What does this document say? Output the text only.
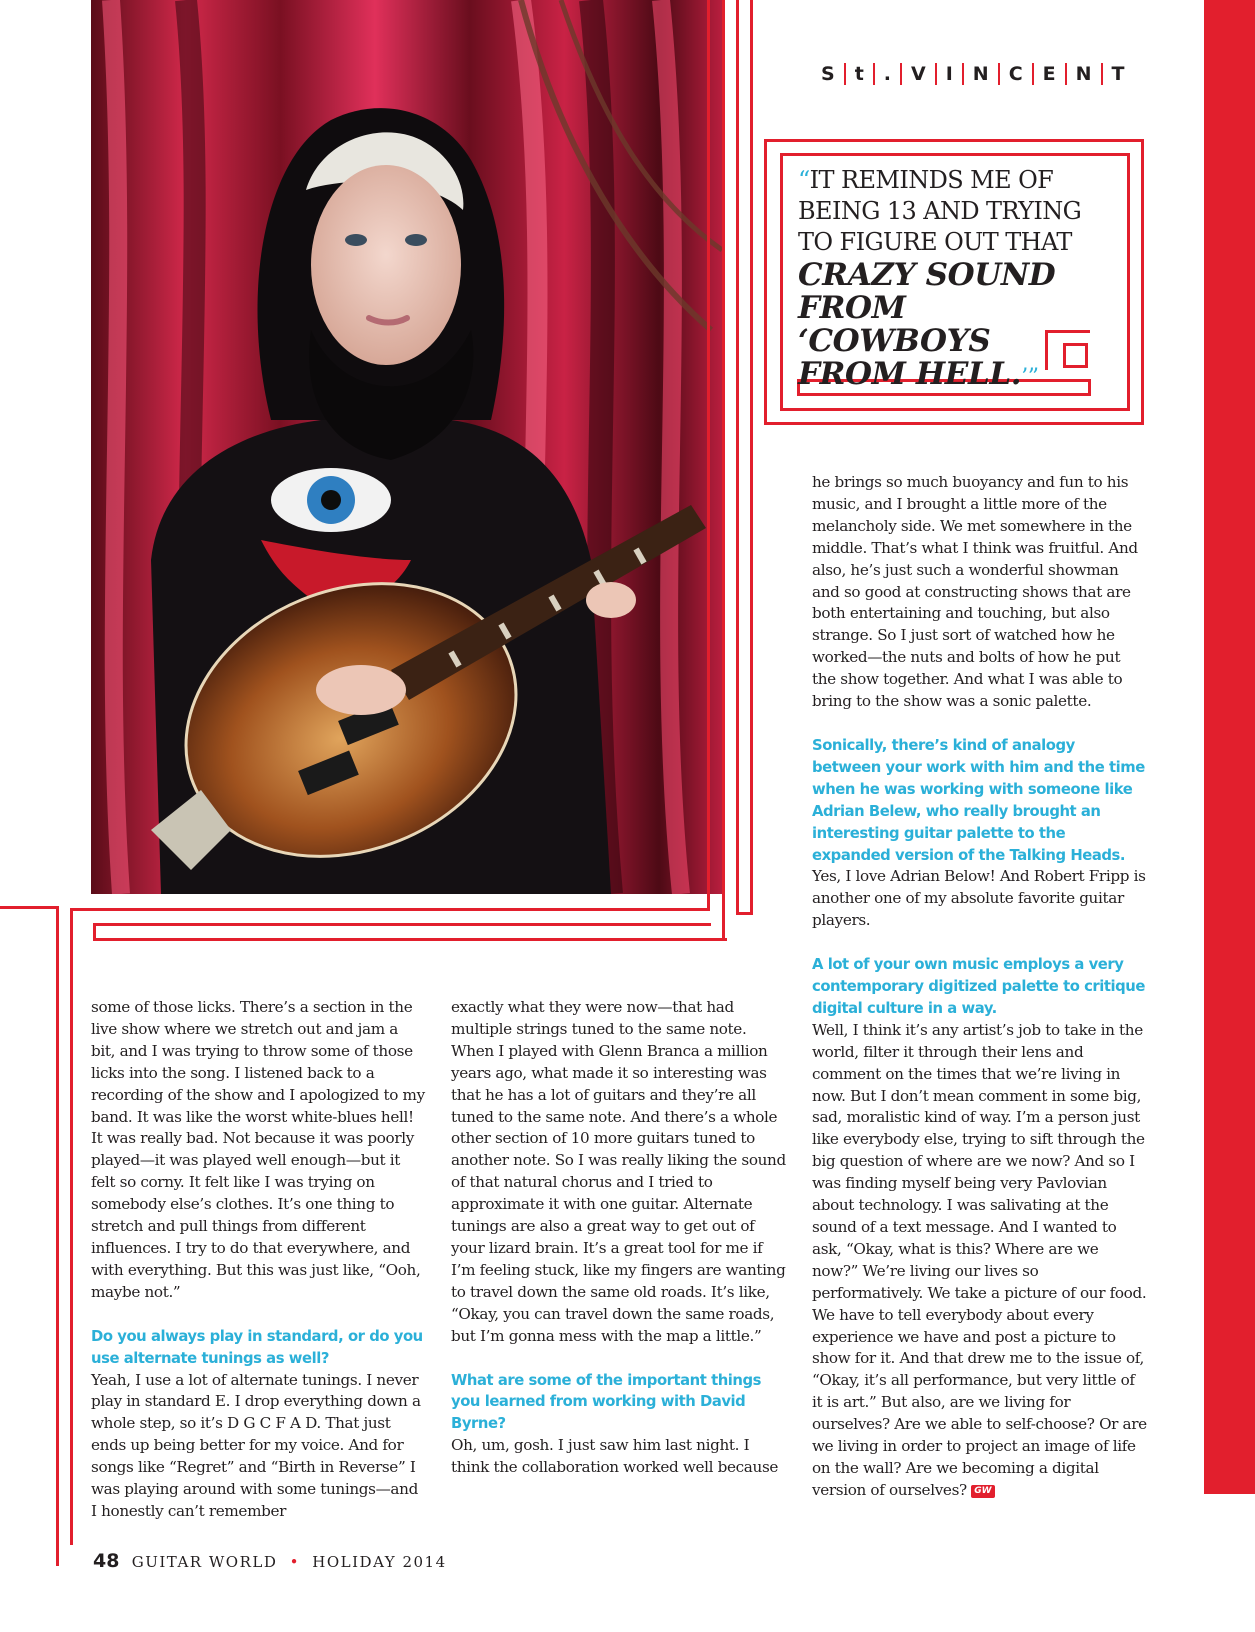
S	t	.	V	I	N	C	E	N	T
“IT REMINDS ME OF BEING 13 AND TRYING TO FIGURE OUT THAT
CRAZY SOUND FROM ‘COWBOYS FROM HELL.’”

some of those licks. There’s a section in the live show where we stretch out and jam a bit, and I was trying to throw some of those licks into the song. I listened back to a recording of the show and I apologized to my band. It was like the worst white-blues hell! It was really bad. Not because it was poorly played—it was played well enough—but it felt so corny. It felt like I was trying on somebody else’s clothes. It’s one thing to stretch and pull things from different influences. I try to do that everywhere, and with everything. But this was just like, “Ooh, maybe not.”

Do you always play in standard, or do you use alternate tunings as well?

Yeah, I use a lot of alternate tunings. I never play in standard E. I drop everything down a whole step, so it’s D G C F A D. That just ends up being better for my voice. And for songs like “Regret” and “Birth in Reverse” I was playing around with some tunings—and I honestly can’t remember

exactly what they were now—that had multiple strings tuned to the same note. When I played with Glenn Branca a million years ago, what made it so interesting was that he has a lot of guitars and they’re all tuned to the same note. And there’s a whole other section of 10 more guitars tuned to another note. So I was really liking the sound of that natural chorus and I tried to approximate it with one guitar. Alternate tunings are also a great way to get out of your lizard brain. It’s a great tool for me if I’m feeling stuck, like my fingers are wanting to travel down the same old roads. It’s like, “Okay, you can travel down the same roads, but I’m gonna mess with the map a little.”

What are some of the important things you learned from working with David Byrne?

Oh, um, gosh. I just saw him last night. I think the collaboration worked well because

he brings so much buoyancy and fun to his music, and I brought a little more of the melancholy side. We met somewhere in the middle. That’s what I think was fruitful. And also, he’s just such a wonderful showman and so good at constructing shows that are both entertaining and touching, but also strange. So I just sort of watched how he worked—the nuts and bolts of how he put the show together. And what I was able to bring to the show was a sonic palette.

Sonically, there’s kind of analogy between your work with him and the time when he was working with someone like Adrian Belew, who really brought an interesting guitar palette to the expanded version of the Talking Heads.

Yes, I love Adrian Below! And Robert Fripp is another one of my absolute favorite guitar players.

A lot of your own music employs a very contemporary digitized palette to critique digital culture in a way.

Well, I think it’s any artist’s job to take in the world, filter it through their lens and comment on the times that we’re living in now. But I don’t mean comment in some big, sad, moralistic kind of way. I’m a person just like everybody else, trying to sift through the big question of where are we now? And so I was finding myself being very Pavlovian about technology. I was salivating at the sound of a text message. And I wanted to ask, “Okay, what is this? Where are we now?” We’re living our lives so performatively. We take a picture of our food. We have to tell everybody about every experience we have and post a picture to show for it. And that drew me to the issue of, “Okay, it’s all performance, but very little of it is art.” But also, are we living for ourselves? Are we able to self-choose? Or are we living in order to project an image of life on the wall? Are we becoming a digital version of ourselves? GW

48 GUITAR WORLD • HOLIDAY 2014
